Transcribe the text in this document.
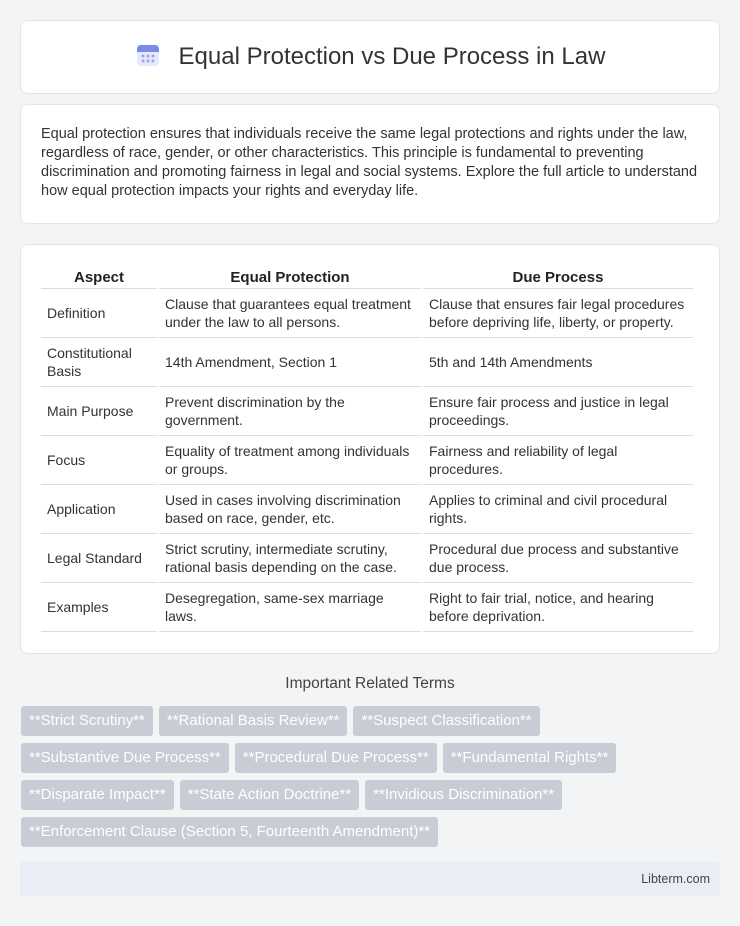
Equal Protection vs Due Process in Law

Equal protection ensures that individuals receive the same legal protections and rights under the law, regardless of race, gender, or other characteristics. This principle is fundamental to preventing discrimination and promoting fairness in legal and social systems. Explore the full article to understand how equal protection impacts your rights and everyday life.

Aspect	Equal Protection	Due Process
Definition	Clause that guarantees equal treatment under the law to all persons.	Clause that ensures fair legal procedures before depriving life, liberty, or property.
Constitutional Basis	14th Amendment, Section 1	5th and 14th Amendments
Main Purpose	Prevent discrimination by the government.	Ensure fair process and justice in legal proceedings.
Focus	Equality of treatment among individuals or groups.	Fairness and reliability of legal procedures.
Application	Used in cases involving discrimination based on race, gender, etc.	Applies to criminal and civil procedural rights.
Legal Standard	Strict scrutiny, intermediate scrutiny, rational basis depending on the case.	Procedural due process and substantive due process.
Examples	Desegregation, same-sex marriage laws.	Right to fair trial, notice, and hearing before deprivation.
Important Related Terms
**Strict Scrutiny**	**Rational Basis Review**	**Suspect Classification**
**Substantive Due Process**	**Procedural Due Process**	**Fundamental Rights**
**Disparate Impact**	**State Action Doctrine**	**Invidious Discrimination**
**Enforcement Clause (Section 5, Fourteenth Amendment)**
Libterm.com
